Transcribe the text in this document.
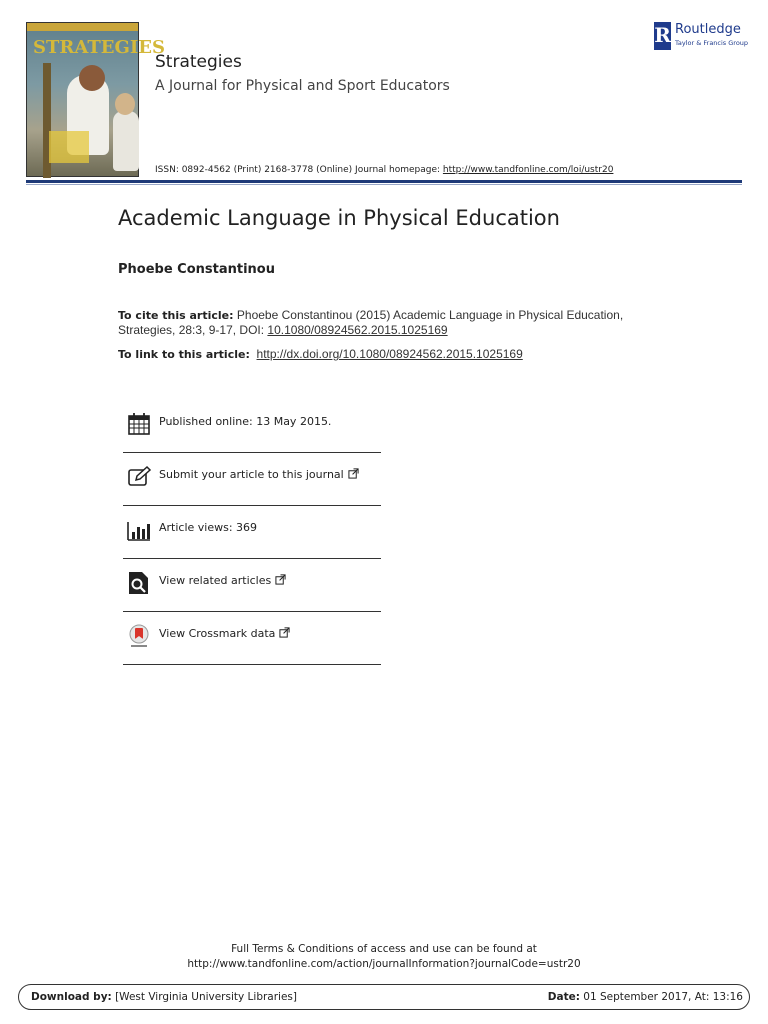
STRATEGIES
Strategies
A Journal for Physical and Sport Educators
ISSN: 0892-4562 (Print) 2168-3778 (Online) Journal homepage: http://www.tandfonline.com/loi/ustr20
R Routledge
Taylor & Francis Group
Academic Language in Physical Education
Phoebe Constantinou
To cite this article: Phoebe Constantinou (2015) Academic Language in Physical Education, Strategies, 28:3, 9-17, DOI: 10.1080/08924562.2015.1025169
To link to this article: http://dx.doi.org/10.1080/08924562.2015.1025169
Published online: 13 May 2015.
Submit your article to this journal
Article views: 369
View related articles
View Crossmark data
Full Terms & Conditions of access and use can be found at
http://www.tandfonline.com/action/journalInformation?journalCode=ustr20
Download by: [West Virginia University Libraries]	Date: 01 September 2017, At: 13:16
